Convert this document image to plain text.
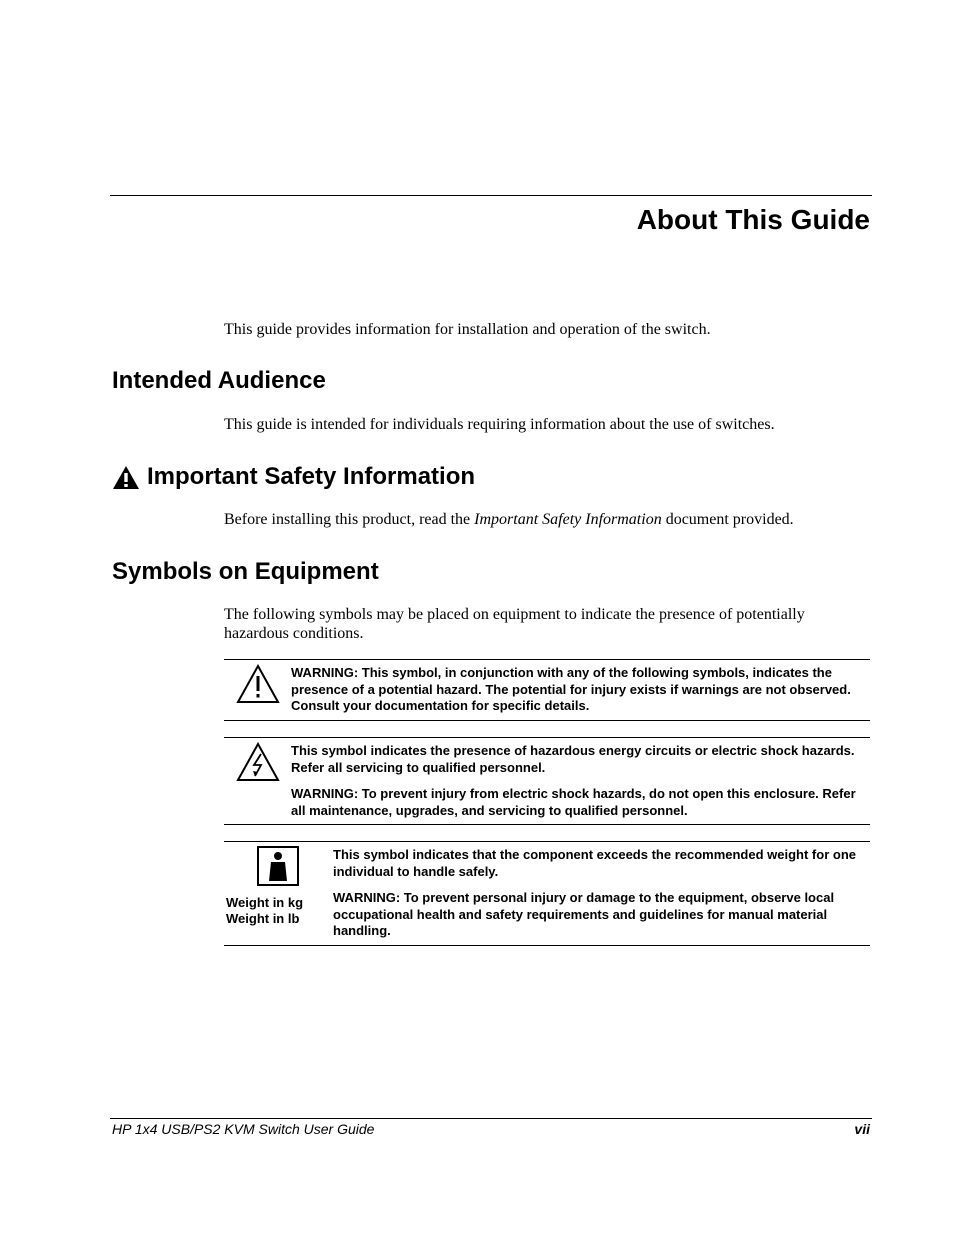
About This Guide

This guide provides information for installation and operation of the switch.

Intended Audience

This guide is intended for individuals requiring information about the use of switches.

Important Safety Information

Before installing this product, read the Important Safety Information document provided.

Symbols on Equipment

The following symbols may be placed on equipment to indicate the presence of potentially hazardous conditions.

WARNING: This symbol, in conjunction with any of the following symbols, indicates the presence of a potential hazard. The potential for injury exists if warnings are not observed. Consult your documentation for specific details.

This symbol indicates the presence of hazardous energy circuits or electric shock hazards. Refer all servicing to qualified personnel.

WARNING: To prevent injury from electric shock hazards, do not open this enclosure. Refer all maintenance, upgrades, and servicing to qualified personnel.

Weight in kg
Weight in lb

This symbol indicates that the component exceeds the recommended weight for one individual to handle safely.

WARNING: To prevent personal injury or damage to the equipment, observe local occupational health and safety requirements and guidelines for manual material handling.

HP 1x4 USB/PS2 KVM Switch User Guide	vii
